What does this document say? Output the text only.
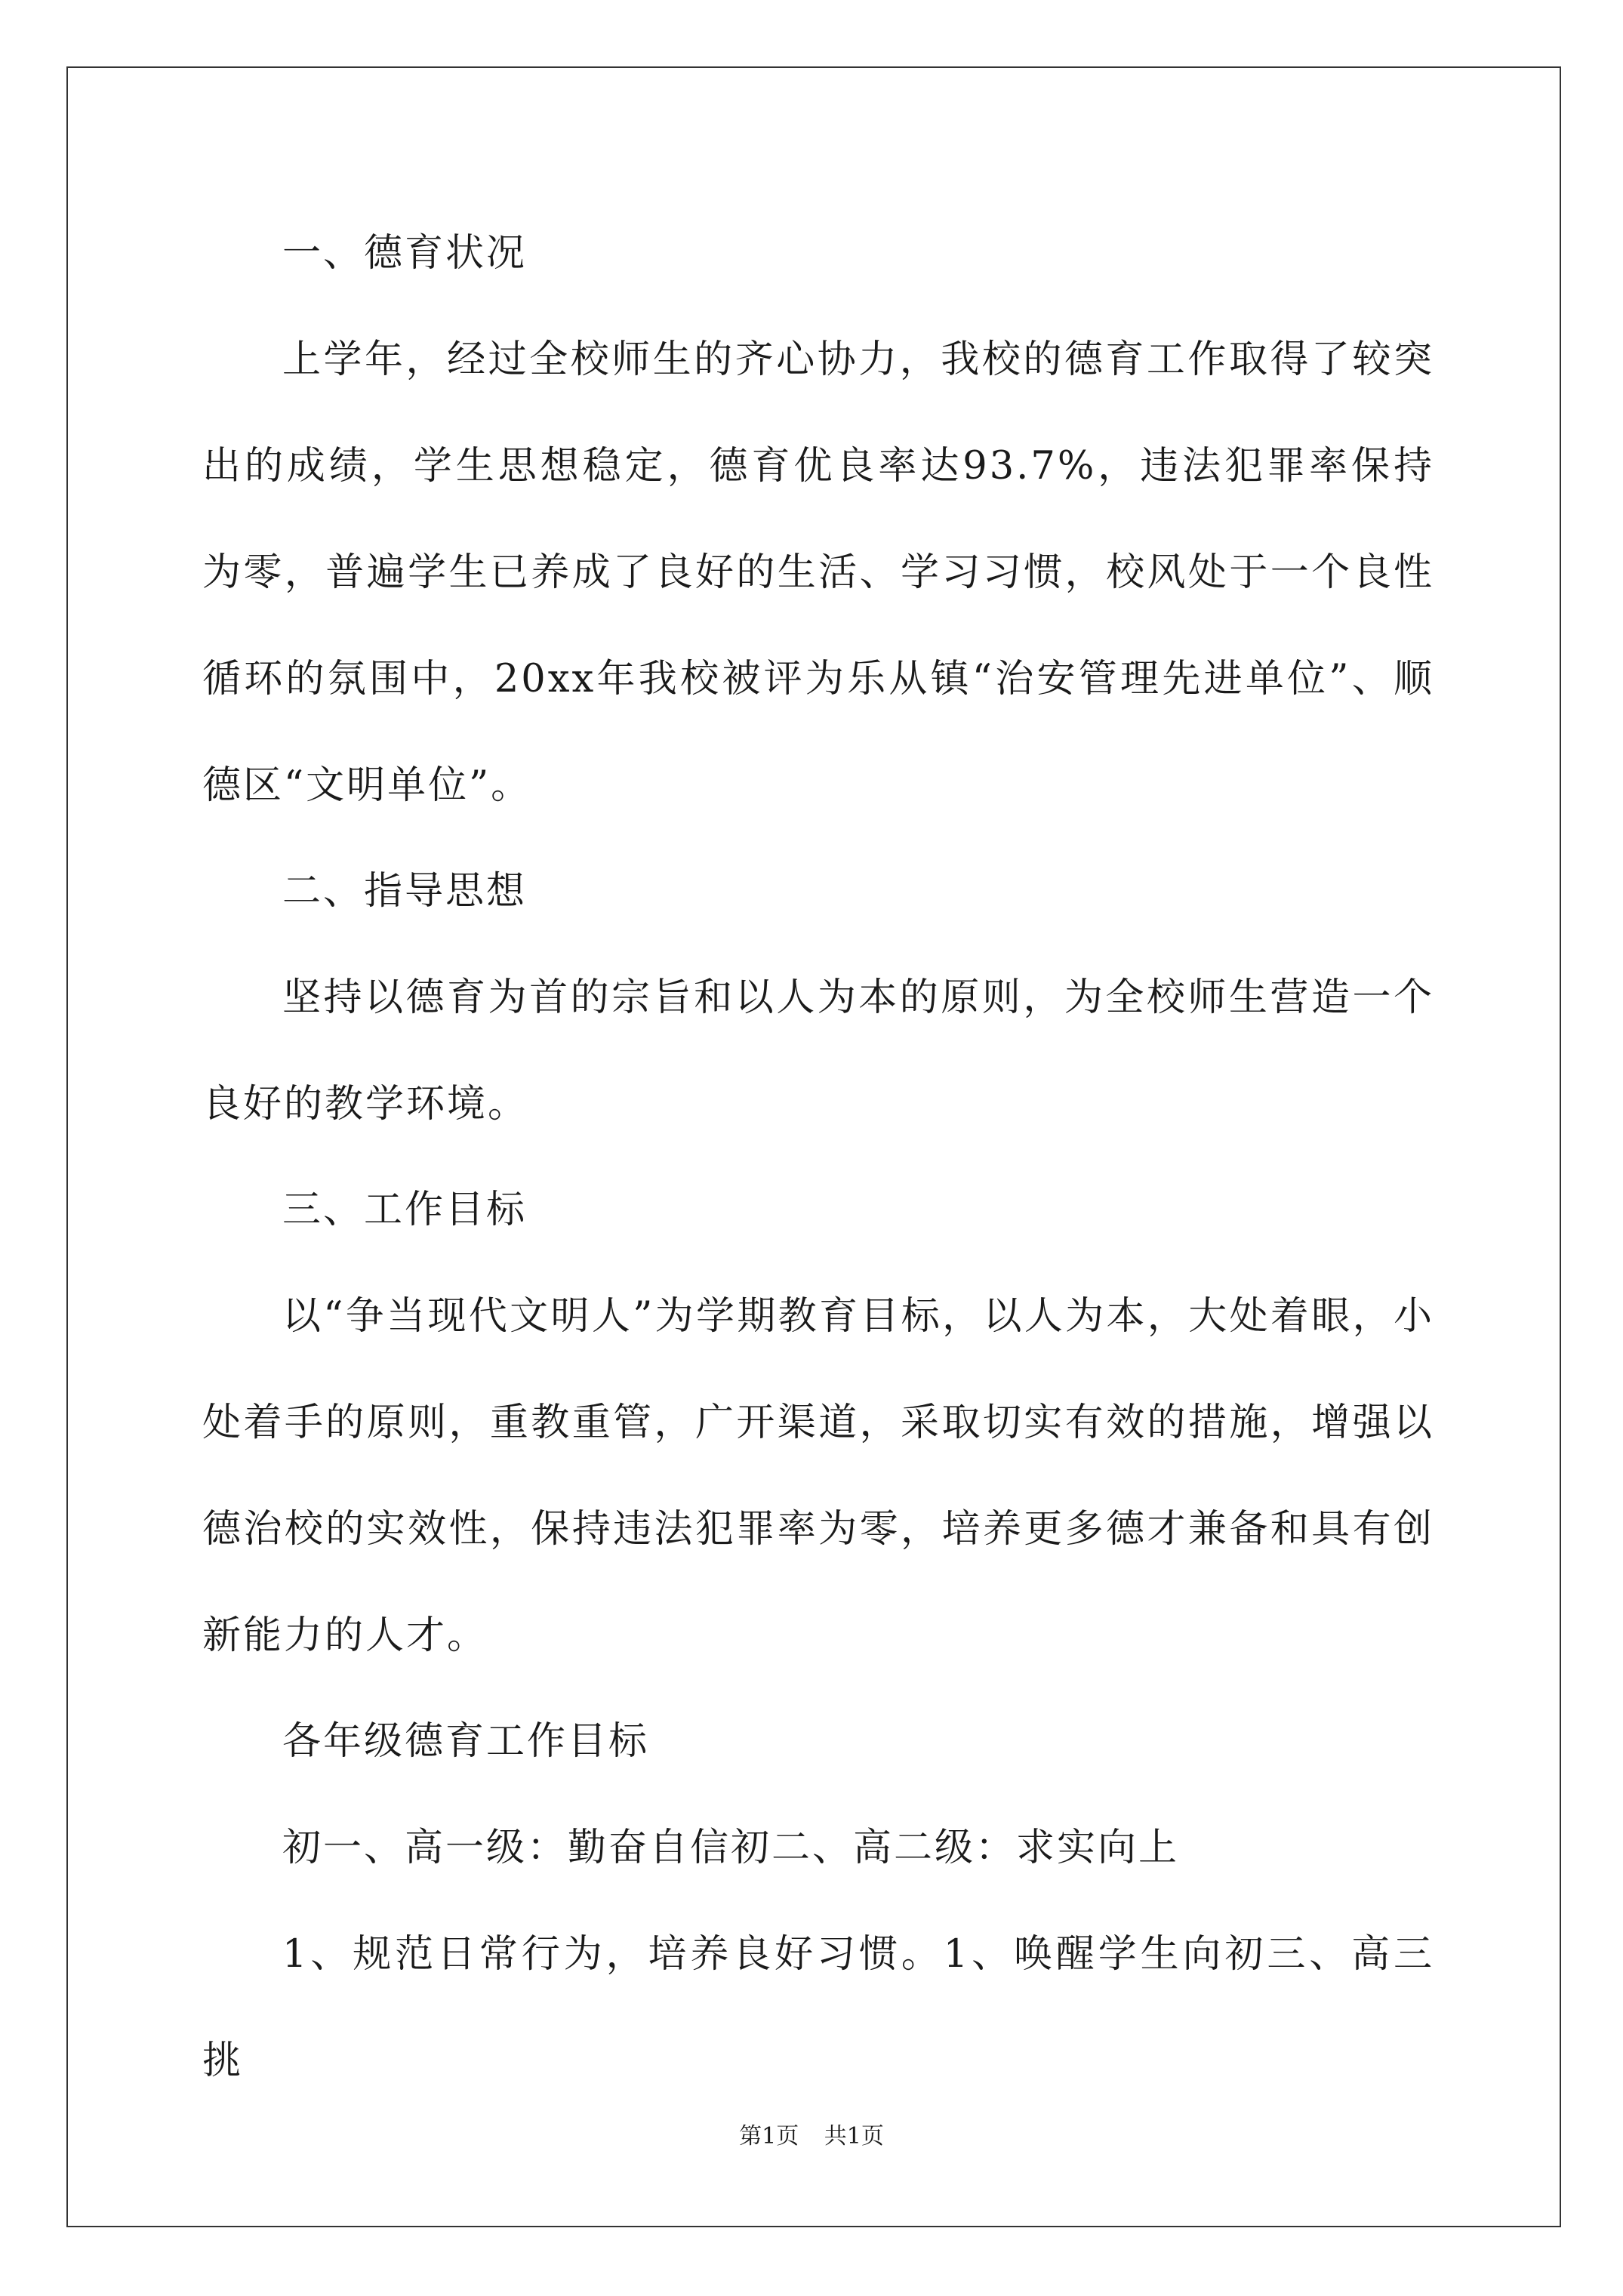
一、德育状况
上学年，经过全校师生的齐心协力，我校的德育工作取得了较突出的成绩，学生思想稳定，德育优良率达93.7%，违法犯罪率保持为零，普遍学生已养成了良好的生活、学习习惯，校风处于一个良性循环的氛围中，20xx年我校被评为乐从镇“治安管理先进单位”、顺德区“文明单位”。
二、指导思想
坚持以德育为首的宗旨和以人为本的原则，为全校师生营造一个良好的教学环境。
三、工作目标
以“争当现代文明人”为学期教育目标，以人为本，大处着眼，小处着手的原则，重教重管，广开渠道，采取切实有效的措施，增强以德治校的实效性，保持违法犯罪率为零，培养更多德才兼备和具有创新能力的人才。
各年级德育工作目标
初一、高一级：勤奋自信初二、高二级：求实向上
1、规范日常行为，培养良好习惯。1、唤醒学生向初三、高三挑
第1页 共1页
